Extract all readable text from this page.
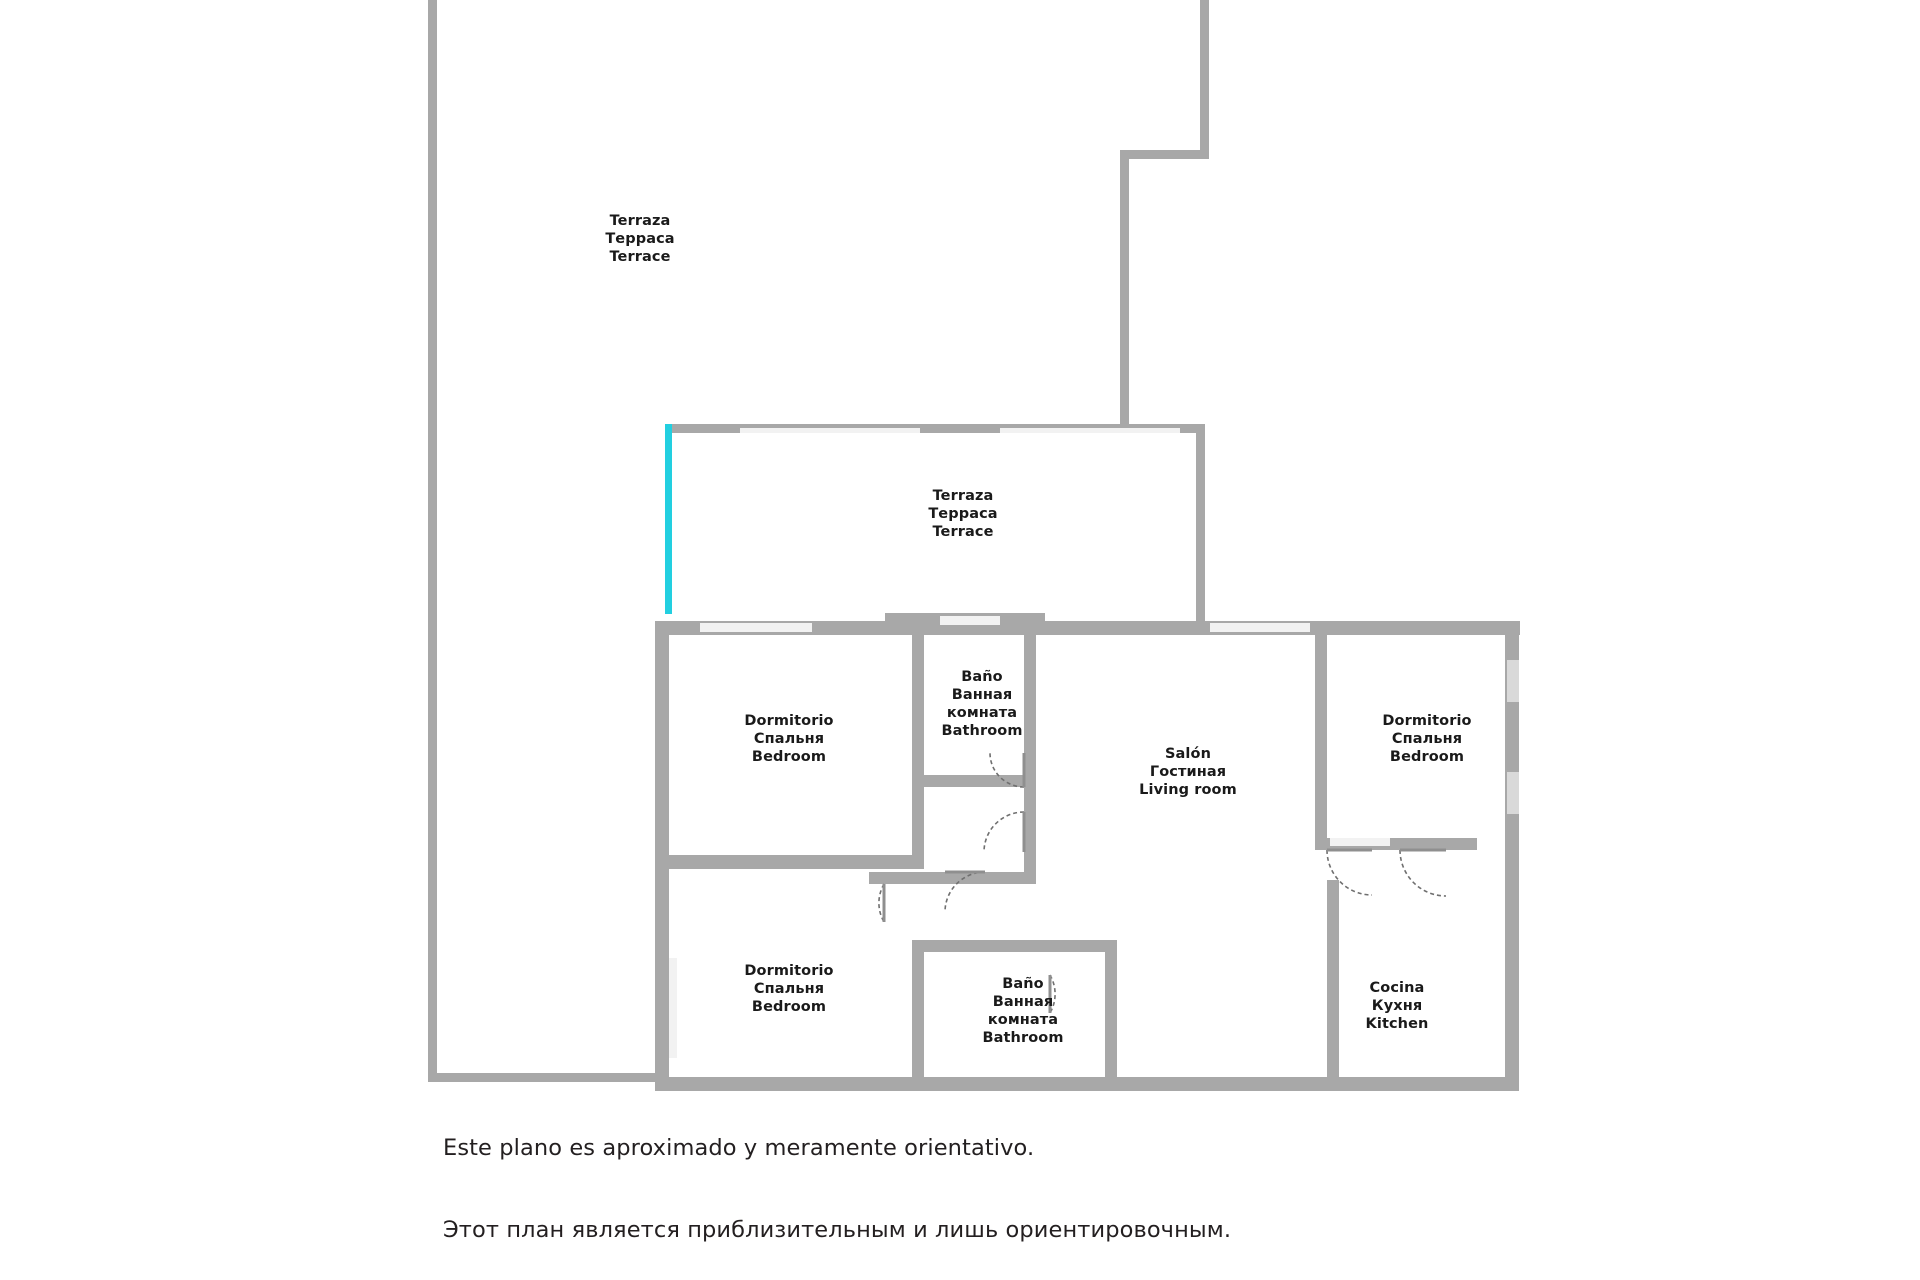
Terraza
Терраса
Terrace
Terraza
Терраса
Terrace
Dormitorio
Спальня
Bedroom
Baño
Ванная
комната
Bathroom
Salón
Гостиная
Living room
Dormitorio
Спальня
Bedroom
Dormitorio
Спальня
Bedroom
Baño
Ванная
комната
Bathroom
Cocina
Кухня
Kitchen
Este plano es aproximado y meramente orientativo.
Этот план является приблизительным и лишь ориентировочным.
